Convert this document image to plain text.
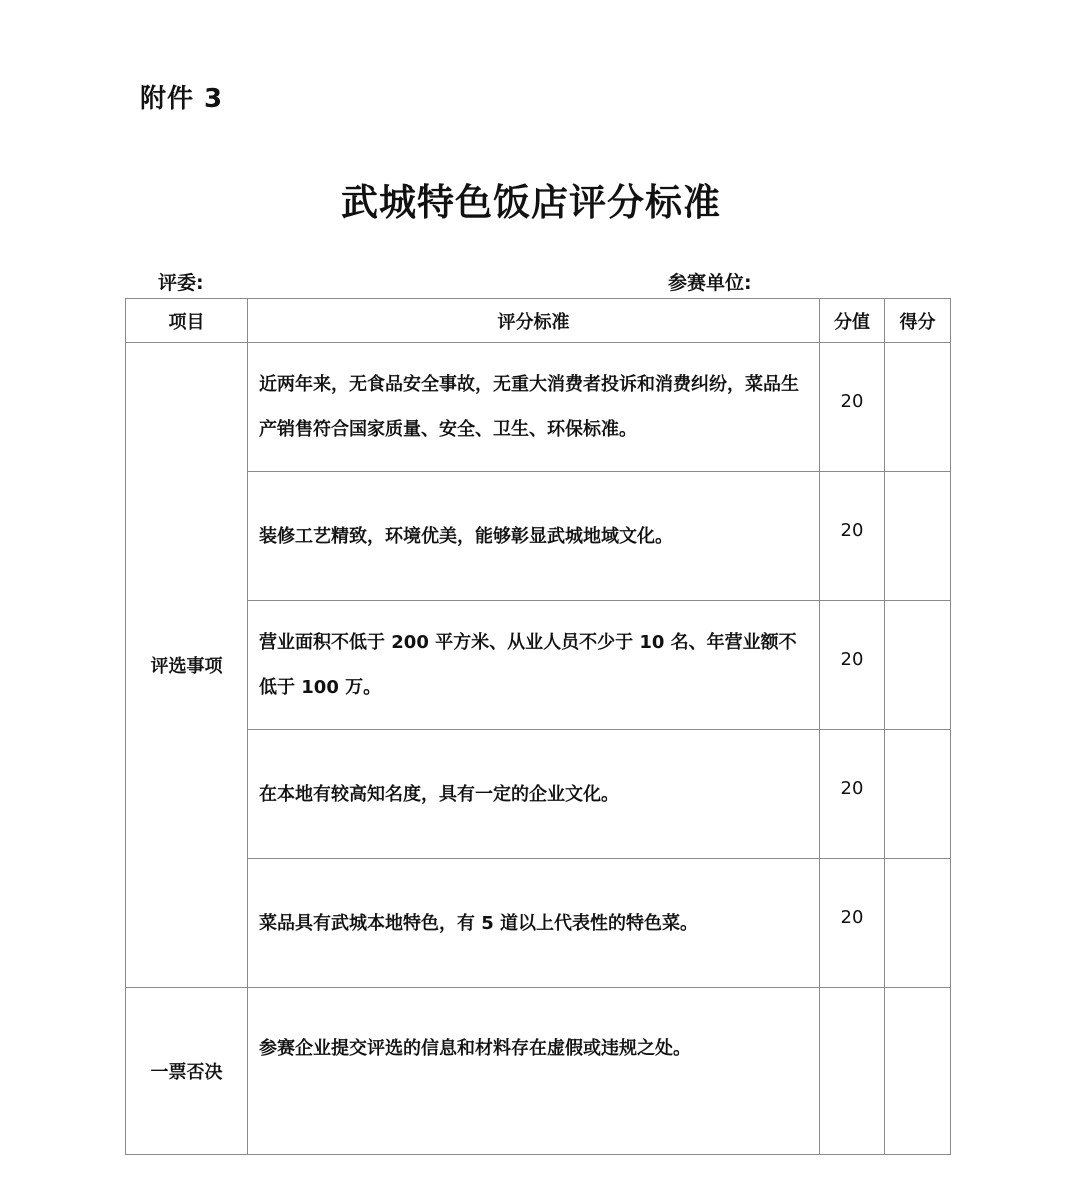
附件 3
武城特色饭店评分标准
评委:	参赛单位:
项目	评分标准	分值	得分
评选事项	近两年来，无食品安全事故，无重大消费者投诉和消费纠纷，菜品生产销售符合国家质量、安全、卫生、环保标准。	20	
	装修工艺精致，环境优美，能够彰显武城地域文化。	20	
	营业面积不低于 200 平方米、从业人员不少于 10 名、年营业额不低于 100 万。	20	
	在本地有较高知名度，具有一定的企业文化。	20	
	菜品具有武城本地特色，有 5 道以上代表性的特色菜。	20	
一票否决	参赛企业提交评选的信息和材料存在虚假或违规之处。		
